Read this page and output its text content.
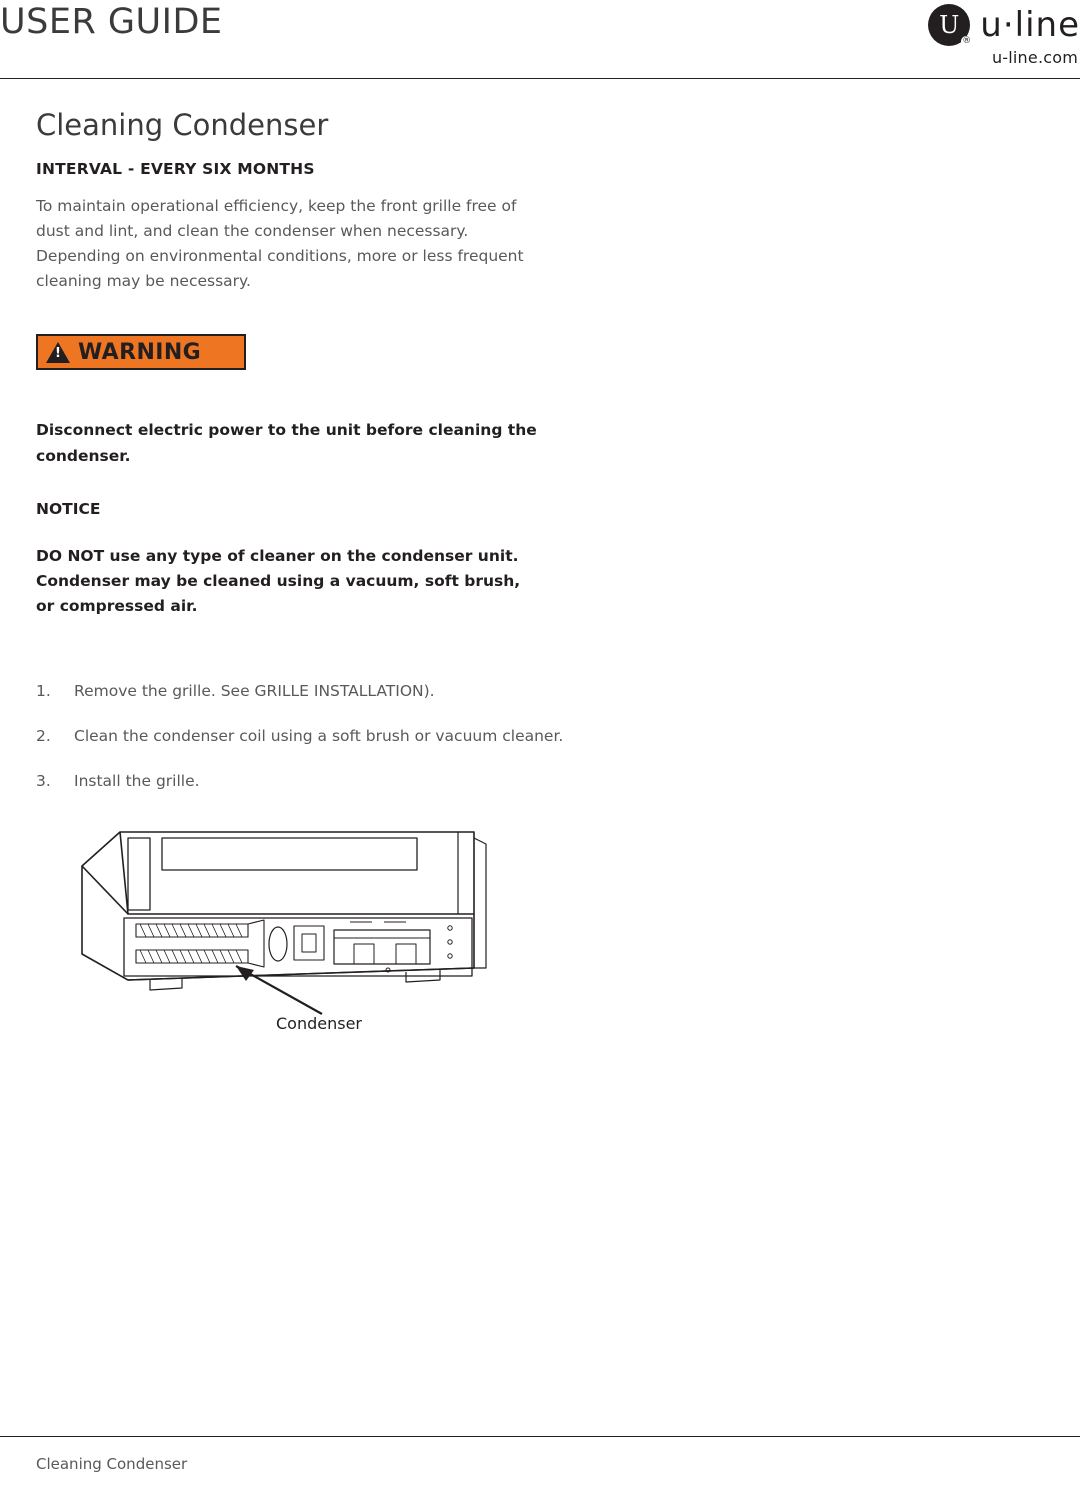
USER GUIDE	U
® u·line
u-line.com
Cleaning Condenser
INTERVAL - EVERY SIX MONTHS

To maintain operational efficiency, keep the front grille free of dust and lint, and clean the condenser when necessary. Depending on environmental conditions, more or less frequent cleaning may be necessary.

!
WARNING

Disconnect electric power to the unit before cleaning the condenser.

NOTICE

DO NOT use any type of cleaner on the condenser unit. Condenser may be cleaned using a vacuum, soft brush, or compressed air.

1. Remove the grille. See GRILLE INSTALLATION).
2. Clean the condenser coil using a soft brush or vacuum cleaner.
3. Install the grille.
Condenser
Cleaning Condenser
